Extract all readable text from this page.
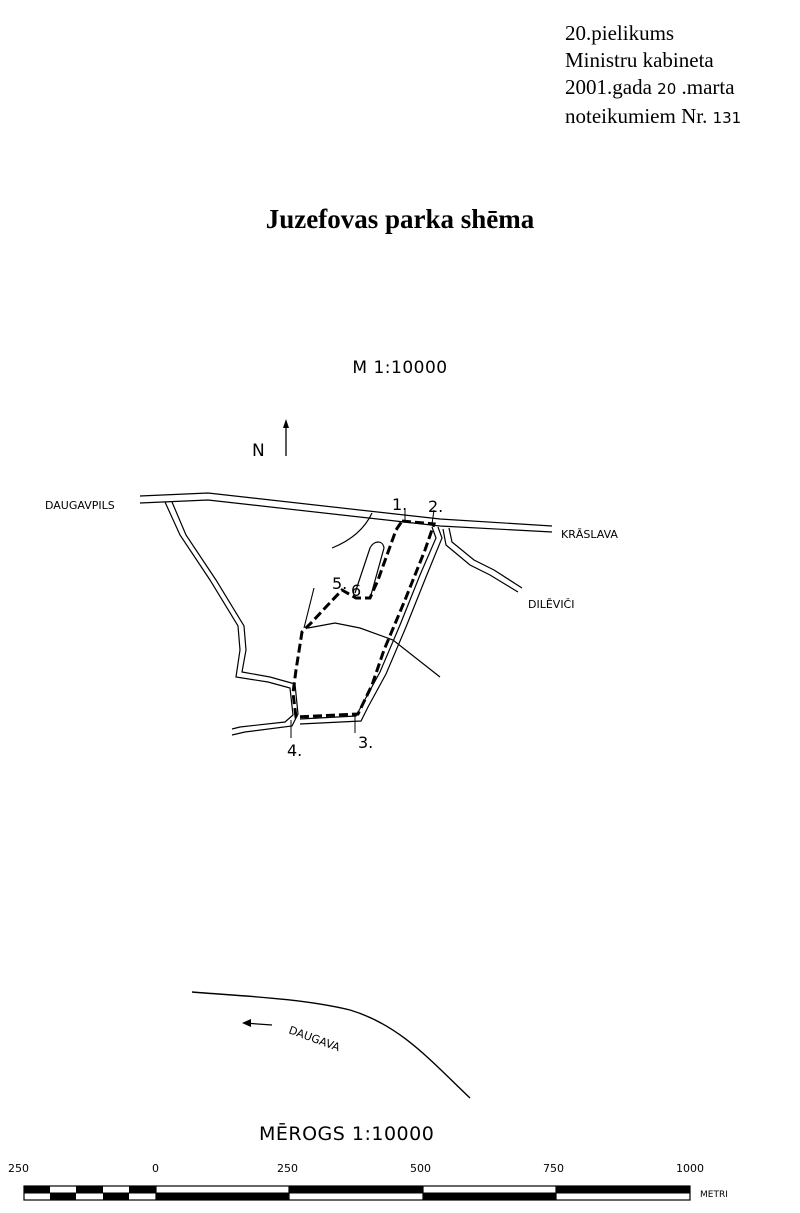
20.pielikums
Ministru kabineta
2001.gada 20 .marta
noteikumiem Nr. 131
Juzefovas parka shēma
M 1:10000
N
1. 2.
3.
4.
5. 6
DAUGAVPILS
KRĀSLAVA
DILĒVIČI
DAUGAVA
MĒROGS 1:10000
250	0	250	500	750	1000
METRI
